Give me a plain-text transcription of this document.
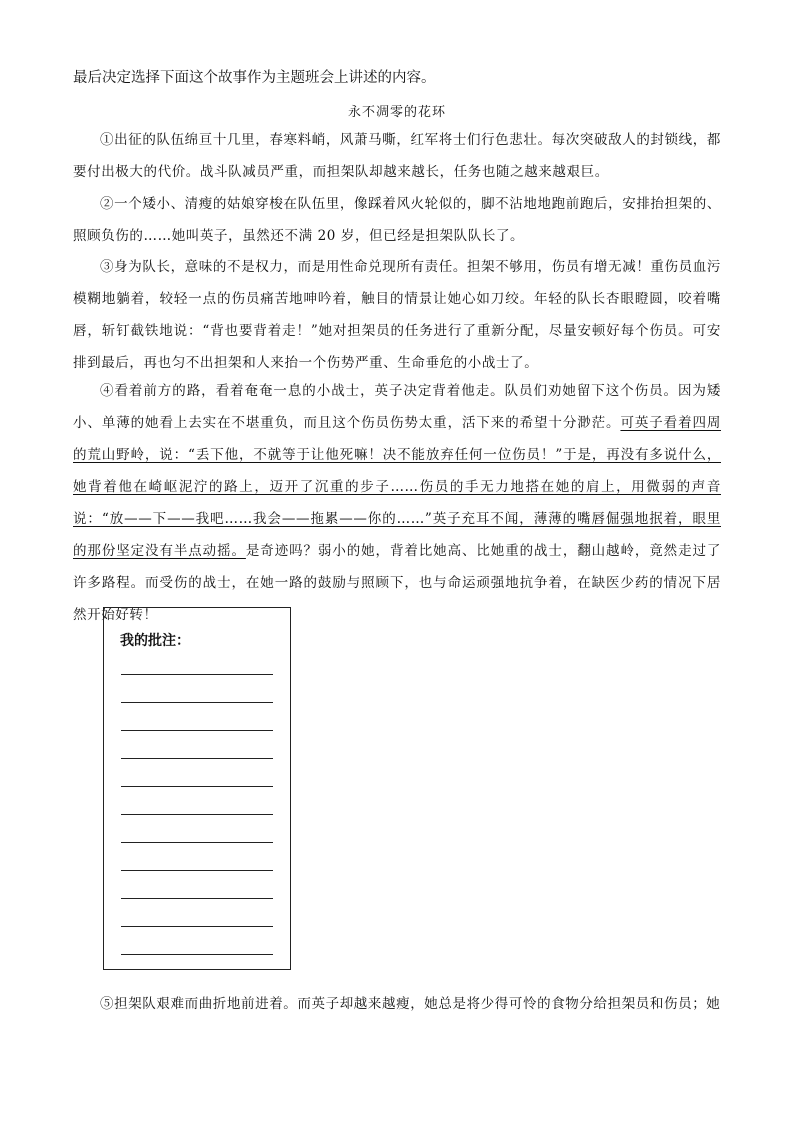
最后决定选择下面这个故事作为主题班会上讲述的内容。
永不凋零的花环
①出征的队伍绵亘十几里，春寒料峭，风萧马嘶，红军将士们行色悲壮。每次突破敌人的封锁线，都要付出极大的代价。战斗队减员严重，而担架队却越来越长，任务也随之越来越艰巨。
②一个矮小、清瘦的姑娘穿梭在队伍里，像踩着风火轮似的，脚不沾地地跑前跑后，安排抬担架的、照顾负伤的……她叫英子，虽然还不满 20 岁，但已经是担架队队长了。
③身为队长，意味的不是权力，而是用性命兑现所有责任。担架不够用，伤员有增无减！重伤员血污模糊地躺着，较轻一点的伤员痛苦地呻吟着，触目的情景让她心如刀绞。年轻的队长杏眼瞪圆，咬着嘴唇，斩钉截铁地说：“背也要背着走！”她对担架员的任务进行了重新分配，尽量安顿好每个伤员。可安排到最后，再也匀不出担架和人来抬一个伤势严重、生命垂危的小战士了。
④看着前方的路，看着奄奄一息的小战士，英子决定背着他走。队员们劝她留下这个伤员。因为矮小、单薄的她看上去实在不堪重负，而且这个伤员伤势太重，活下来的希望十分渺茫。可英子看着四周的荒山野岭，说：“丢下他，不就等于让他死嘛！决不能放弃任何一位伤员！”于是，再没有多说什么，她背着他在崎岖泥泞的路上，迈开了沉重的步子……伤员的手无力地搭在她的肩上，用微弱的声音说：“放——下——我吧……我会——拖累——你的……”英子充耳不闻，薄薄的嘴唇倔强地抿着，眼里的那份坚定没有半点动摇。是奇迹吗？弱小的她，背着比她高、比她重的战士，翻山越岭，竟然走过了许多路程。而受伤的战士，在她一路的鼓励与照顾下，也与命运顽强地抗争着，在缺医少药的情况下居然开始好转！
我的批注：
⑤担架队艰难而曲折地前进着。而英子却越来越瘦，她总是将少得可怜的食物分给担架员和伤员；她
